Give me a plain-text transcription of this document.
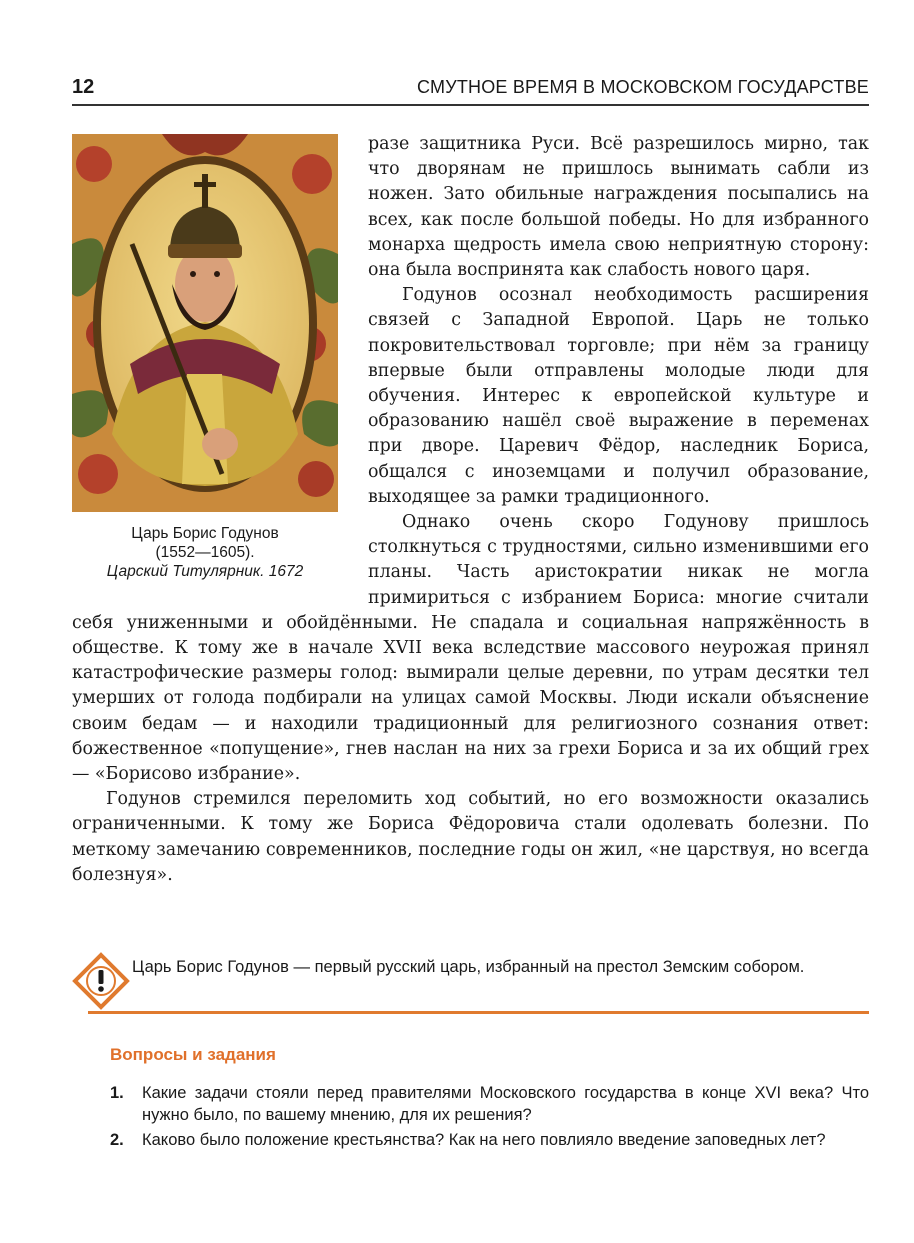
12	СМУТНОЕ ВРЕМЯ В МОСКОВСКОМ ГОСУДАРСТВЕ
Царь Борис Годунов
(1552—1605).
Царский Титулярник. 1672

разе защитника Руси. Всё разрешилось мирно, так что дворянам не пришлось вынимать сабли из ножен. Зато обильные награждения посыпались на всех, как после большой победы. Но для избранного монарха щедрость имела свою неприятную сторону: она была воспринята как слабость нового царя.

Годунов осознал необходимость расширения связей с Западной Европой. Царь не только покровительствовал торговле; при нём за границу впервые были отправлены молодые люди для обучения. Интерес к европейской культуре и образованию нашёл своё выражение в переменах при дворе. Царевич Фёдор, наследник Бориса, общался с иноземцами и получил образование, выходящее за рамки традиционного.

Однако очень скоро Годунову пришлось столкнуться с трудностями, сильно изменившими его планы. Часть аристократии никак не могла примириться с избранием Бориса: многие считали себя униженными и обойдёнными. Не спадала и социальная напряжённость в обществе. К тому же в начале XVII века вследствие массового неурожая принял катастрофические размеры голод: вымирали целые деревни, по утрам десятки тел умерших от голода подбирали на улицах самой Москвы. Люди искали объяснение своим бедам — и находили традиционный для религиозного сознания ответ: божественное «попущение», гнев наслан на них за грехи Бориса и за их общий грех — «Борисово избрание».

Годунов стремился переломить ход событий, но его возможности оказались ограниченными. К тому же Бориса Фёдоровича стали одолевать болезни. По меткому замечанию современников, последние годы он жил, «не царствуя, но всегда болезнуя».

Царь Борис Годунов — первый русский царь, избранный на престол Земским собором.
Вопросы и задания
1. Какие задачи стояли перед правителями Московского государства в конце XVI века? Что нужно было, по вашему мнению, для их решения?
2. Каково было положение крестьянства? Как на него повлияло введение заповедных лет?
